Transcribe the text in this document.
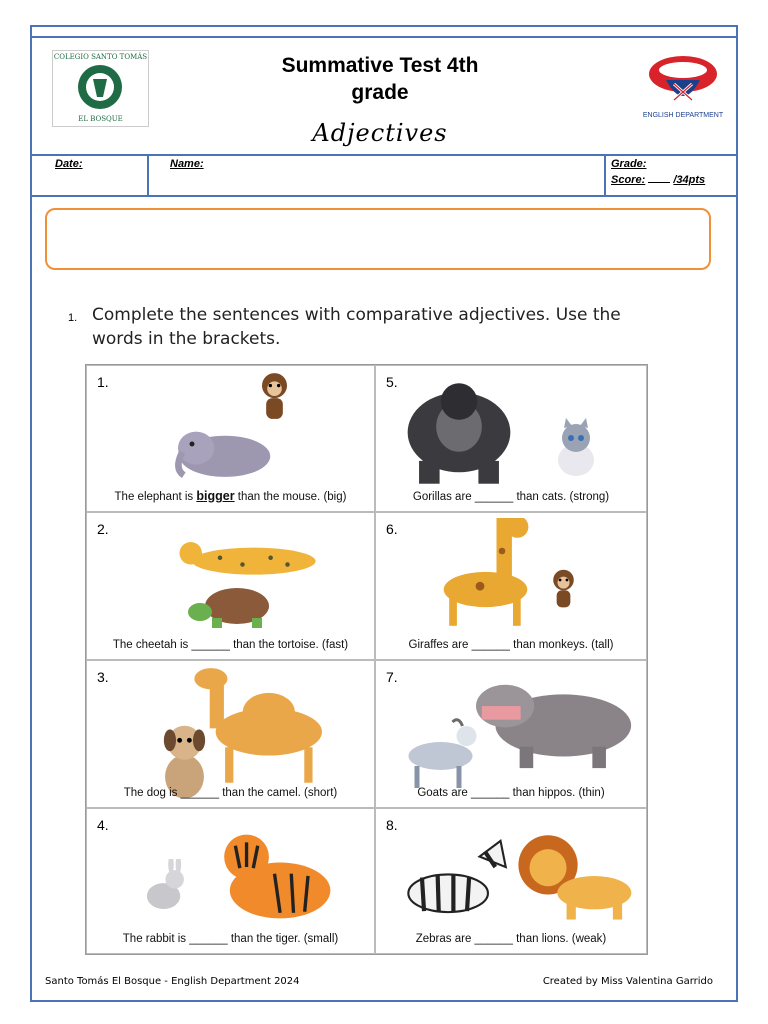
COLEGIO SANTO TOMÁS
EL BOSQUE
Summative Test 4th
grade
Adjectives
ENGLISH DEPARTMENT
Date:	Name:	Grade:
Score:	/34pts
1. Complete the sentences with comparative adjectives. Use the words in the brackets.
1.
The elephant is bigger than the mouse. (big)
5.
Gorillas are ______ than cats. (strong)
2.
The cheetah is ______ than the tortoise. (fast)
6.
Giraffes are ______ than monkeys. (tall)
3.
The dog is ______ than the camel. (short)
7.
Goats are ______ than hippos. (thin)
4.
The rabbit is ______ than the tiger. (small)
8.
Zebras are ______ than lions. (weak)
Santo Tomás El Bosque - English Department 2024	Created by Miss Valentina Garrido
